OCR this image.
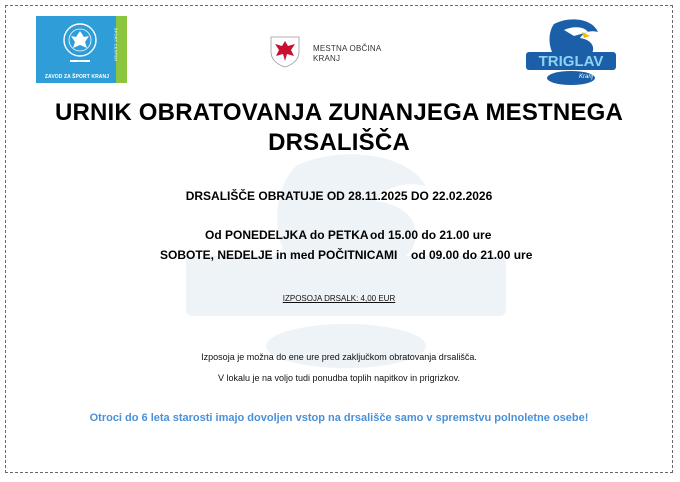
ZAVOD ZA ŠPORT KRANJ
ŠPORT CENTER	MESTNA OBČINA
KRANJ	TRIGLAV
Kranj
URNIK OBRATOVANJA ZUNANJEGA MESTNEGA
DRSALIŠČA
DRSALIŠČE OBRATUJE OD 28.11.2025 DO 22.02.2026
Od PONEDELJKA do PETKA od 15.00 do 21.00 ure
SOBOTE, NEDELJE in med POČITNICAMI od 09.00 do 21.00 ure
IZPOSOJA DRSALK: 4,00 EUR
Izposoja je možna do ene ure pred zaključkom obratovanja drsališča.
V lokalu je na voljo tudi ponudba toplih napitkov in prigrizkov.
Otroci do 6 leta starosti imajo dovoljen vstop na drsališče samo v spremstvu polnoletne osebe!
